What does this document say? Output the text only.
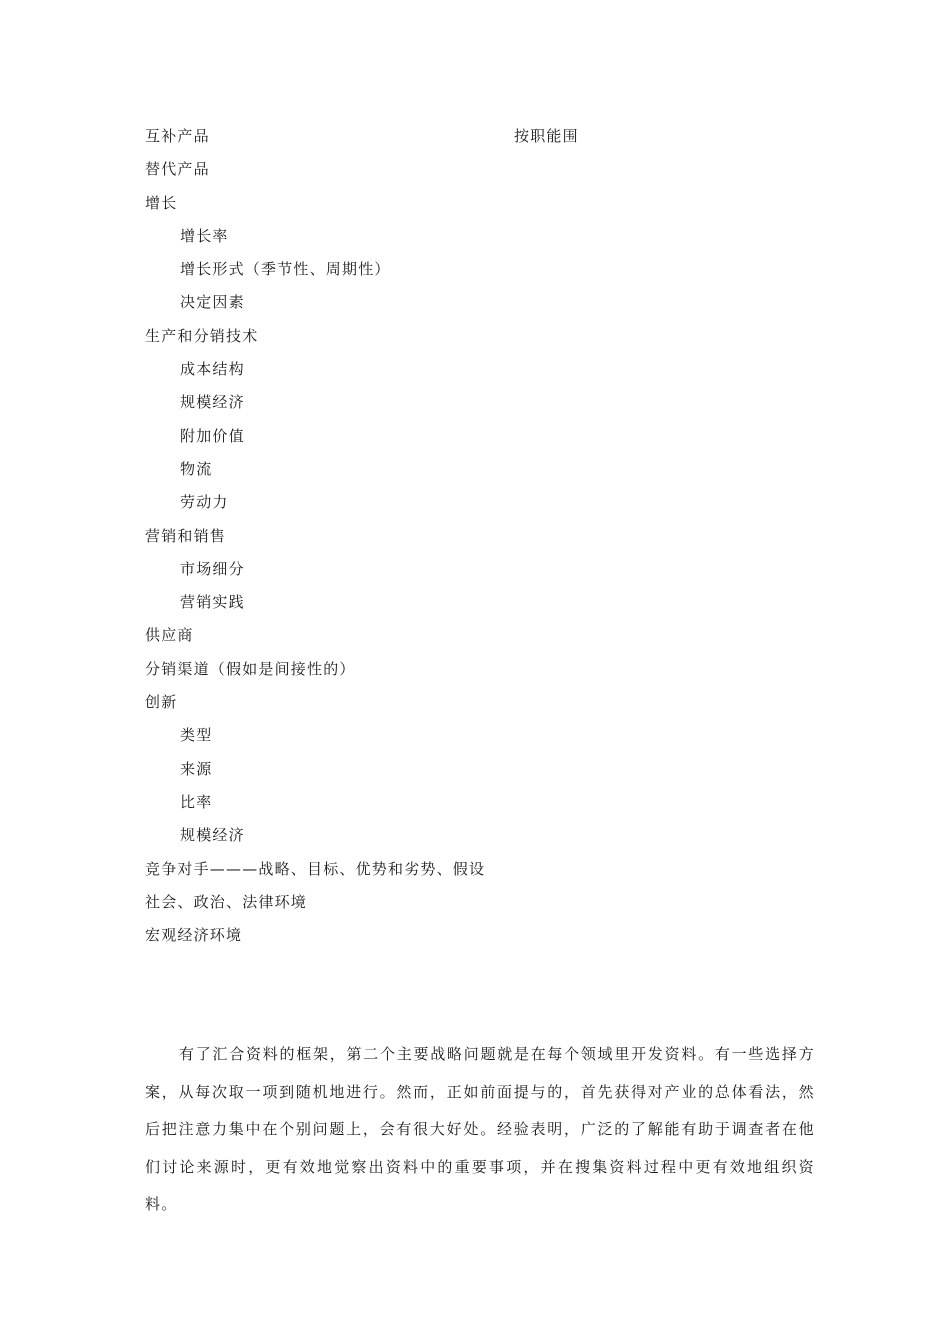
互补产品
替代产品
增长
增长率
增长形式（季节性、周期性）
决定因素
生产和分销技术
成本结构
规模经济
附加价值
物流
劳动力
营销和销售
市场细分
营销实践
供应商
分销渠道（假如是间接性的）
创新
类型
来源
比率
规模经济
竞争对手———战略、目标、优势和劣势、假设
社会、政治、法律环境
宏观经济环境
按职能围

有了汇合资料的框架，第二个主要战略问题就是在每个领域里开发资料。有一些选择方案，从每次取一项到随机地进行。然而，正如前面提与的，首先获得对产业的总体看法，然后把注意力集中在个别问题上，会有很大好处。经验表明，广泛的了解能有助于调查者在他们讨论来源时，更有效地觉察出资料中的重要事项，并在搜集资料过程中更有效地组织资料。
